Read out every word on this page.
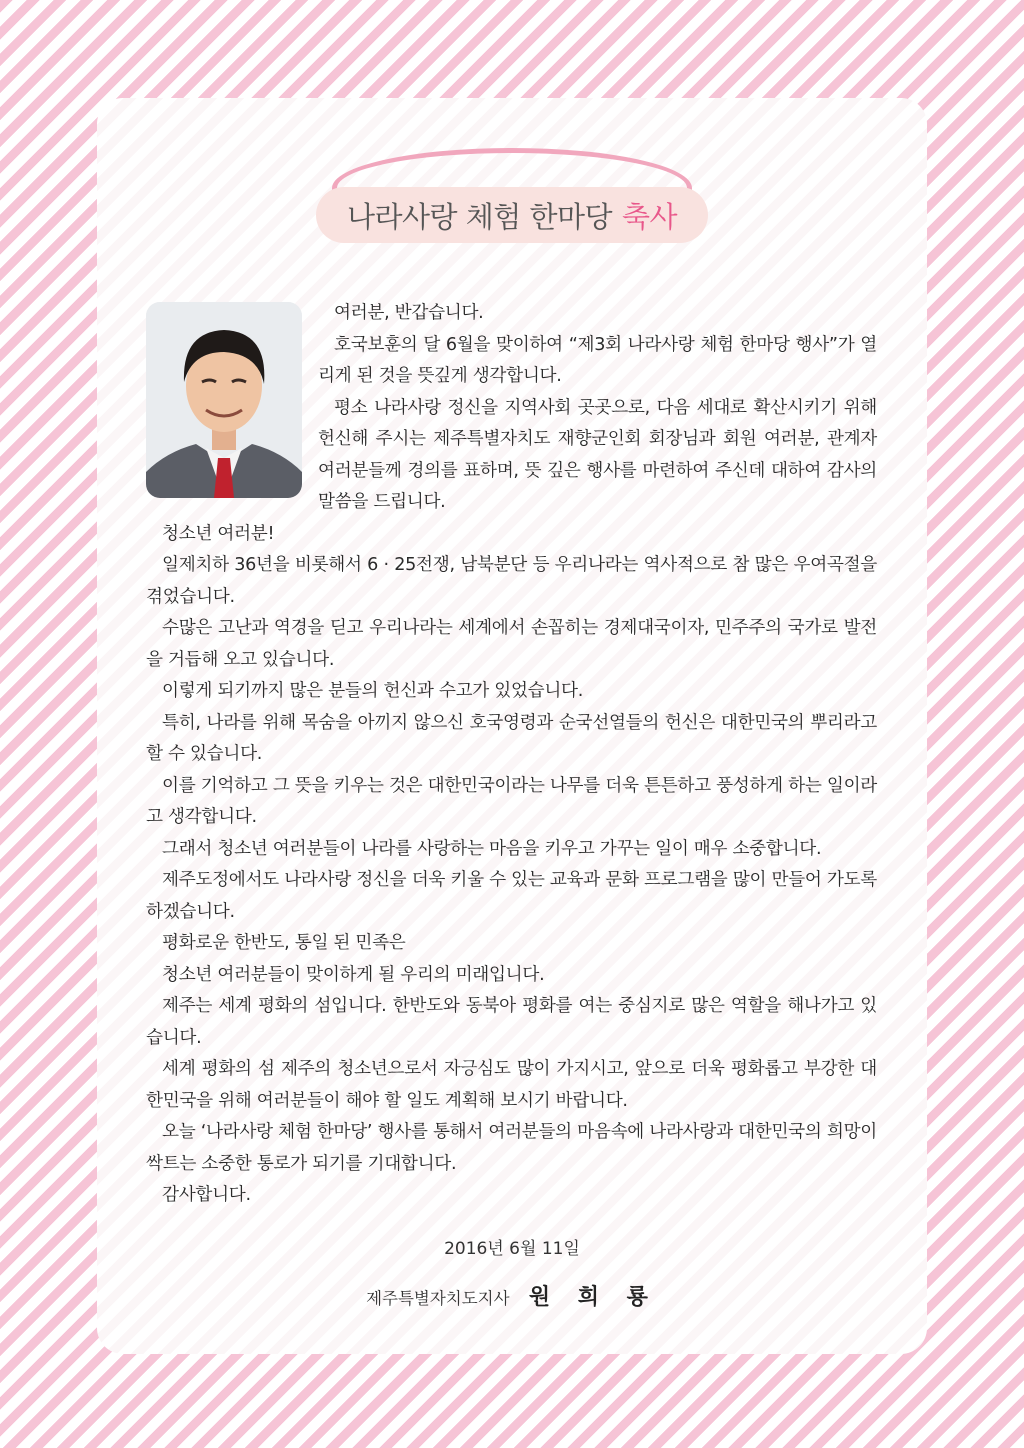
나라사랑 체험 한마당 축사

여러분, 반갑습니다.

호국보훈의 달 6월을 맞이하여 “제3회 나라사랑 체험 한마당 행사”가 열리게 된 것을 뜻깊게 생각합니다.

평소 나라사랑 정신을 지역사회 곳곳으로, 다음 세대로 확산시키기 위해 헌신해 주시는 제주특별자치도 재향군인회 회장님과 회원 여러분, 관계자 여러분들께 경의를 표하며, 뜻 깊은 행사를 마련하여 주신데 대하여 감사의 말씀을 드립니다.

청소년 여러분!

일제치하 36년을 비롯해서 6 · 25전쟁, 남북분단 등 우리나라는 역사적으로 참 많은 우여곡절을 겪었습니다.

수많은 고난과 역경을 딛고 우리나라는 세계에서 손꼽히는 경제대국이자, 민주주의 국가로 발전을 거듭해 오고 있습니다.

이렇게 되기까지 많은 분들의 헌신과 수고가 있었습니다.

특히, 나라를 위해 목숨을 아끼지 않으신 호국영령과 순국선열들의 헌신은 대한민국의 뿌리라고 할 수 있습니다.

이를 기억하고 그 뜻을 키우는 것은 대한민국이라는 나무를 더욱 튼튼하고 풍성하게 하는 일이라고 생각합니다.

그래서 청소년 여러분들이 나라를 사랑하는 마음을 키우고 가꾸는 일이 매우 소중합니다.

제주도정에서도 나라사랑 정신을 더욱 키울 수 있는 교육과 문화 프로그램을 많이 만들어 가도록 하겠습니다.

평화로운 한반도, 통일 된 민족은

청소년 여러분들이 맞이하게 될 우리의 미래입니다.

제주는 세계 평화의 섬입니다. 한반도와 동북아 평화를 여는 중심지로 많은 역할을 해나가고 있습니다.

세계 평화의 섬 제주의 청소년으로서 자긍심도 많이 가지시고, 앞으로 더욱 평화롭고 부강한 대한민국을 위해 여러분들이 해야 할 일도 계획해 보시기 바랍니다.

오늘 ‘나라사랑 체험 한마당’ 행사를 통해서 여러분들의 마음속에 나라사랑과 대한민국의 희망이 싹트는 소중한 통로가 되기를 기대합니다.

감사합니다.

2016년 6월 11일
제주특별자치도지사 원 희 룡
